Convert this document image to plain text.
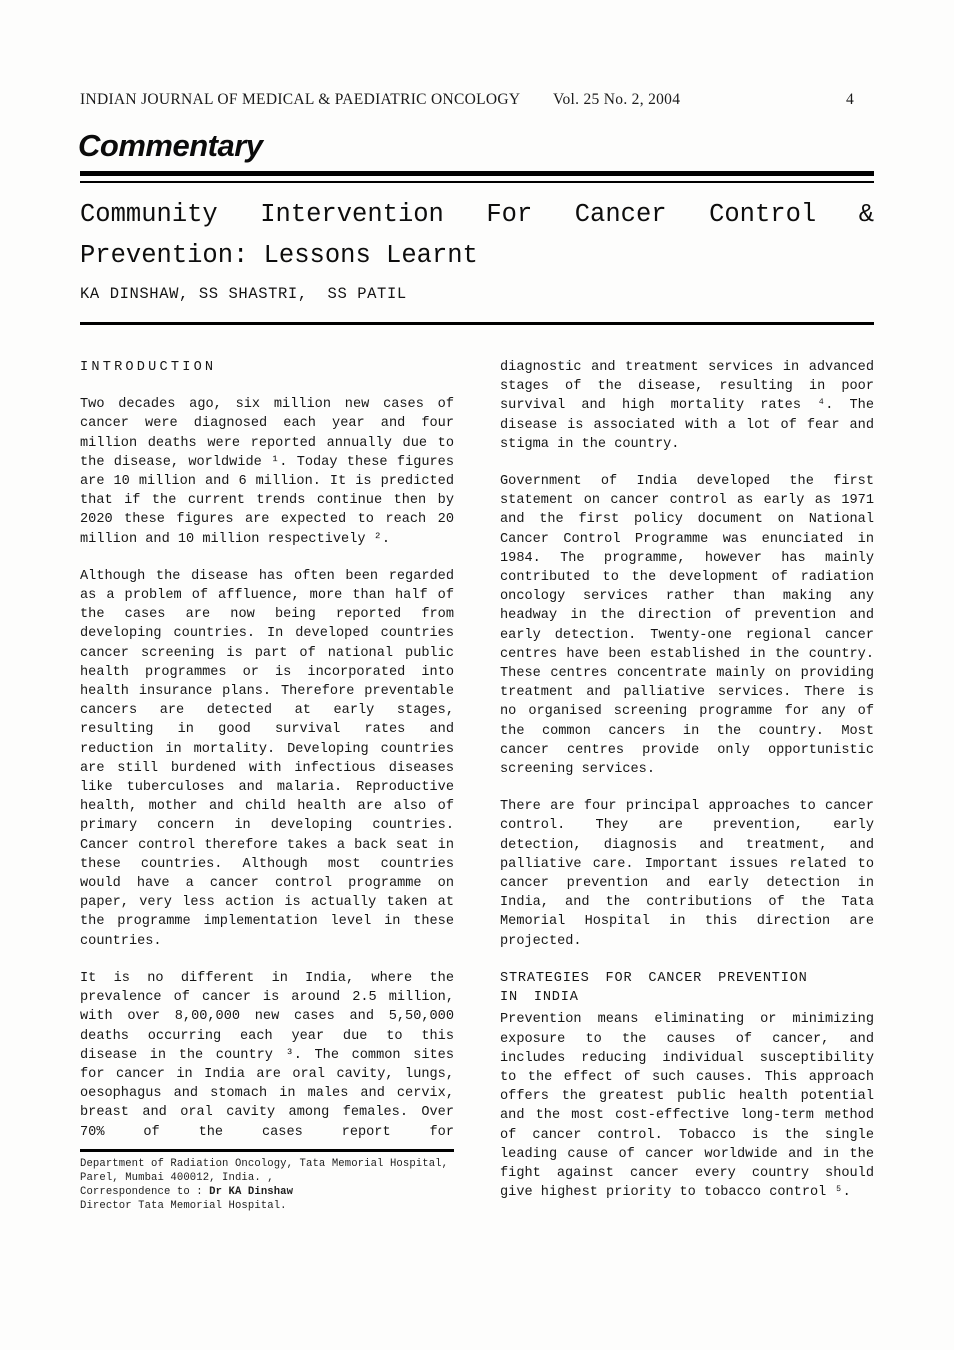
INDIAN JOURNAL OF MEDICAL & PAEDIATRIC ONCOLOGY Vol. 25 No. 2, 2004	4
Commentary
Community Intervention For Cancer Control &
Prevention: Lessons Learnt
KA DINSHAW, SS SHASTRI,  SS PATIL
INTRODUCTION

Two decades ago, six million new cases of cancer were diagnosed each year and four million deaths were reported annually due to the disease, worldwide ¹. Today these figures are 10 million and 6 million. It is predicted that if the current trends continue then by 2020 these figures are expected to reach 20 million and 10 million respectively ².

Although the disease has often been regarded as a problem of affluence, more than half of the cases are now being reported from developing countries. In developed countries cancer screening is part of national public health programmes or is incorporated into health insurance plans. Therefore preventable cancers are detected at early stages, resulting in good survival rates and reduction in mortality. Developing countries are still burdened with infectious diseases like tuberculoses and malaria. Reproductive health, mother and child health are also of primary concern in developing countries. Cancer control therefore takes a back seat in these countries. Although most countries would have a cancer control programme on paper, very less action is actually taken at the programme implementation level in these countries.

It is no different in India, where the prevalence of cancer is around 2.5 million, with over 8,00,000 new cases and 5,50,000 deaths occurring each year due to this disease in the country ³. The common sites for cancer in India are oral cavity, lungs, oesophagus and stomach in males and cervix, breast and oral cavity among females. Over 70% of the cases report for

Department of Radiation Oncology, Tata Memorial Hospital,
Parel, Mumbai 400012, India. ,
Correspondence to : Dr KA Dinshaw
Director Tata Memorial Hospital.

diagnostic and treatment services in advanced stages of the disease, resulting in poor survival and high mortality rates ⁴. The disease is associated with a lot of fear and stigma in the country.

Government of India developed the first statement on cancer control as early as 1971 and the first policy document on National Cancer Control Programme was enunciated in 1984. The programme, however has mainly contributed to the development of radiation oncology services rather than making any headway in the direction of prevention and early detection. Twenty-one regional cancer centres have been established in the country. These centres concentrate mainly on providing treatment and palliative services. There is no organised screening programme for any of the common cancers in the country. Most cancer centres provide only opportunistic screening services.

There are four principal approaches to cancer control. They are prevention, early detection, diagnosis and treatment, and palliative care. Important issues related to cancer prevention and early detection in India, and the contributions of the Tata Memorial Hospital in this direction are projected.

STRATEGIES FOR CANCER PREVENTION
IN INDIA

Prevention means eliminating or minimizing exposure to the causes of cancer, and includes reducing individual susceptibility to the effect of such causes. This approach offers the greatest public health potential and the most cost-effective long-term method of cancer control. Tobacco is the single leading cause of cancer worldwide and in the fight against cancer every country should give highest priority to tobacco control ⁵.
